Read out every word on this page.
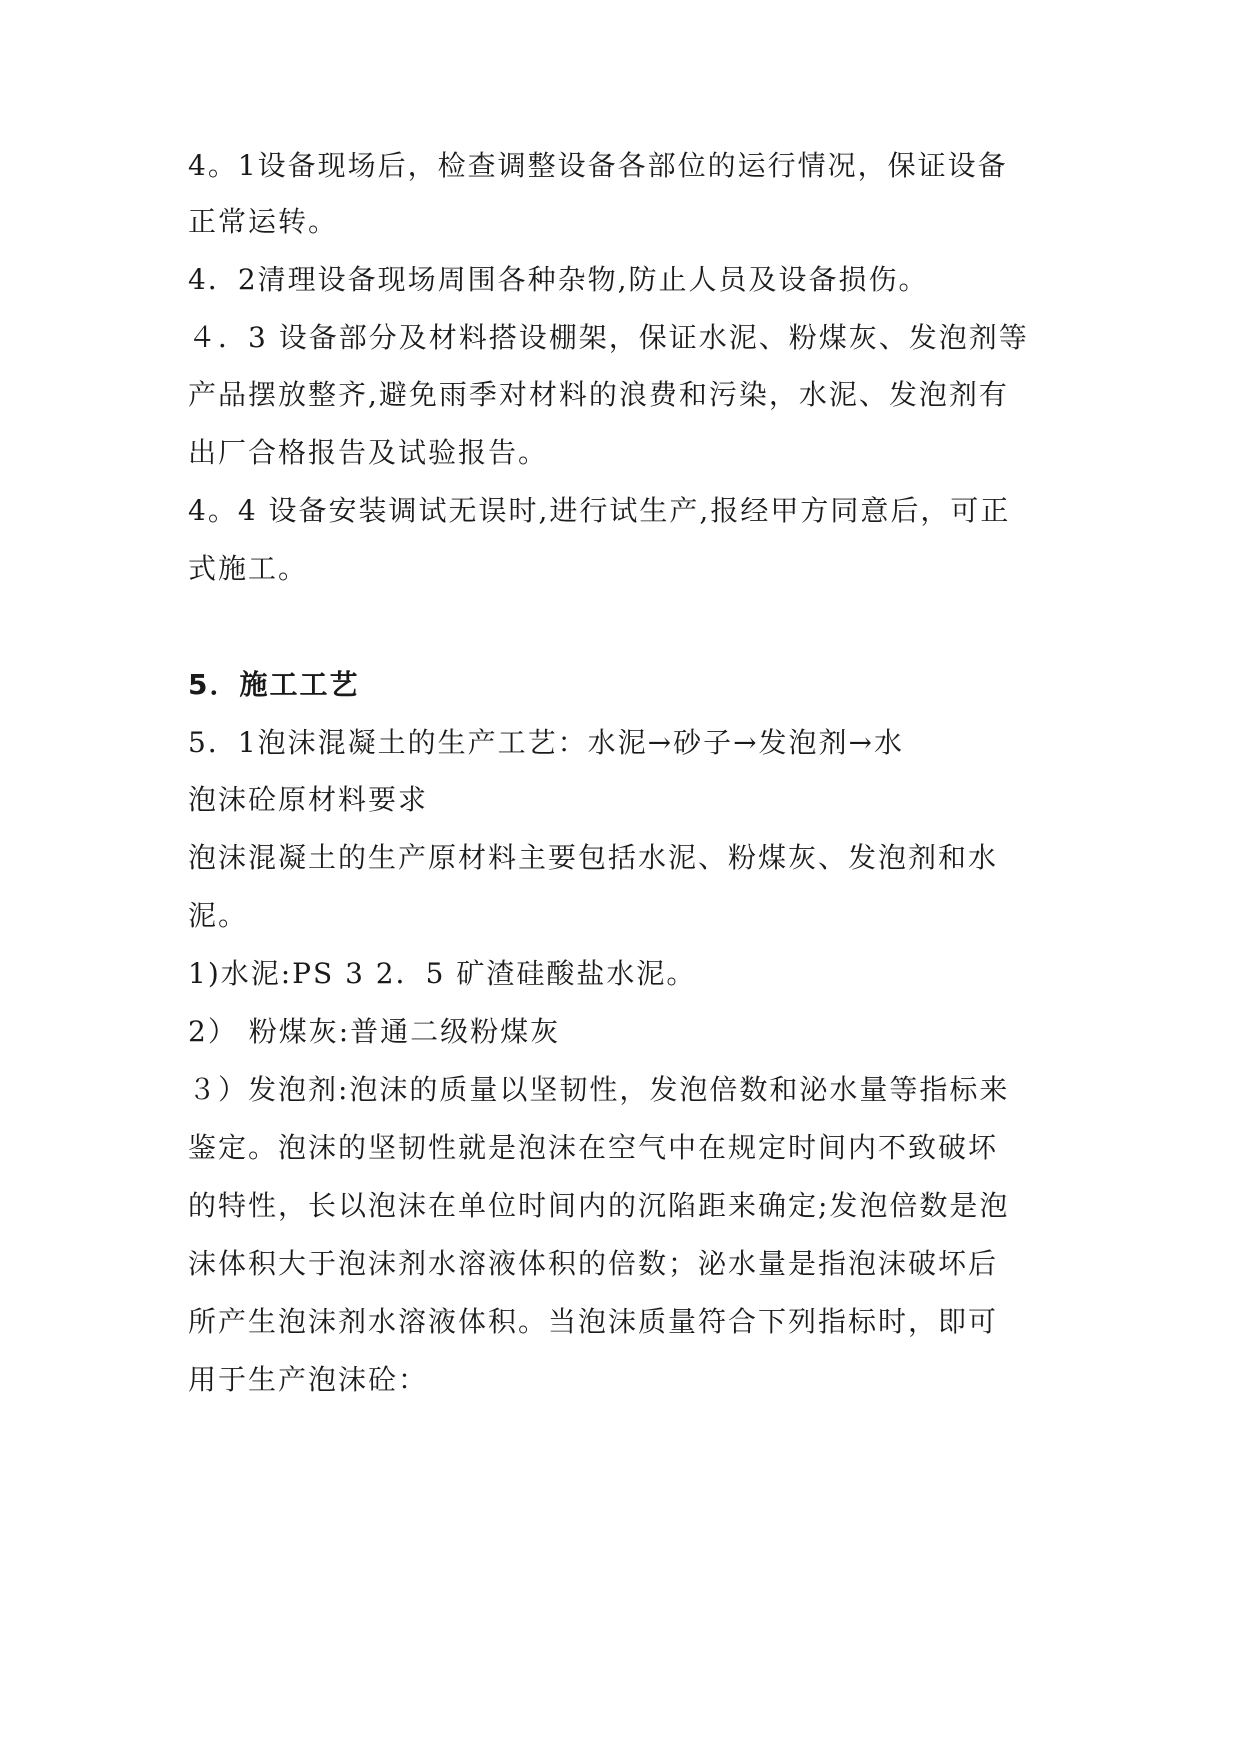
4。1设备现场后，检查调整设备各部位的运行情况，保证设备
正常运转。
4．2清理设备现场周围各种杂物,防止人员及设备损伤。
４．3 设备部分及材料搭设棚架，保证水泥、粉煤灰、发泡剂等
产品摆放整齐,避免雨季对材料的浪费和污染，水泥、发泡剂有
出厂合格报告及试验报告。
4。4 设备安装调试无误时,进行试生产,报经甲方同意后，可正
式施工。
5．施工工艺
5．1泡沫混凝土的生产工艺：水泥→砂子→发泡剂→水
泡沫砼原材料要求
泡沫混凝土的生产原材料主要包括水泥、粉煤灰、发泡剂和水
泥。
1)水泥:PS 3 2．5 矿渣硅酸盐水泥。
2） 粉煤灰:普通二级粉煤灰
３）发泡剂:泡沫的质量以坚韧性，发泡倍数和泌水量等指标来
鉴定。泡沫的坚韧性就是泡沫在空气中在规定时间内不致破坏
的特性，长以泡沫在单位时间内的沉陷距来确定;发泡倍数是泡
沫体积大于泡沫剂水溶液体积的倍数；泌水量是指泡沫破坏后
所产生泡沫剂水溶液体积。当泡沫质量符合下列指标时，即可
用于生产泡沫砼：
